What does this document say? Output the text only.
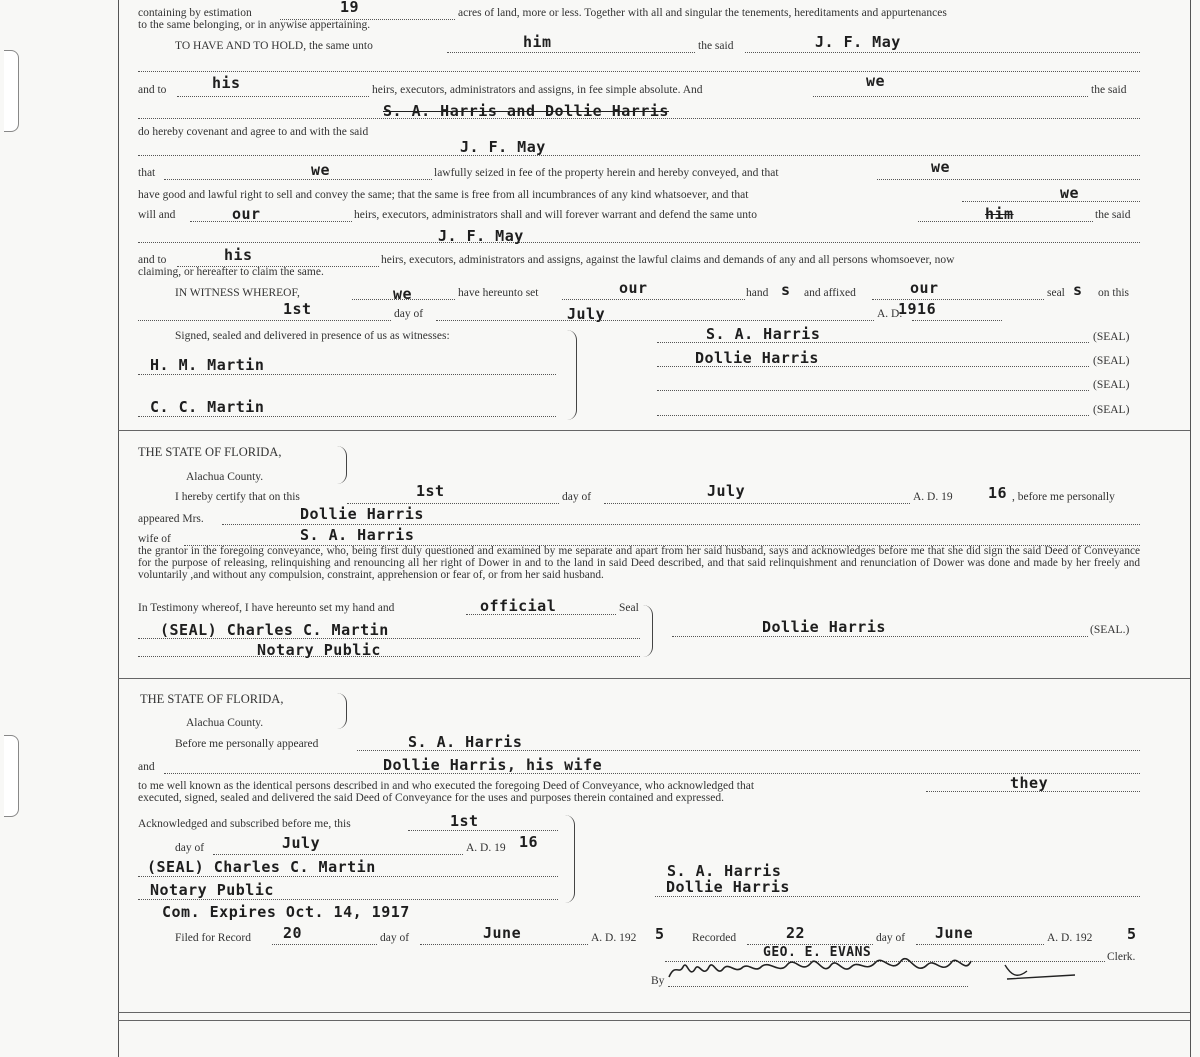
containing by estimation	19	acres of land, more or less. Together with all and singular the tenements, hereditaments and appurtenances
to the same belonging, or in anywise appertaining.
TO HAVE AND TO HOLD, the same unto	him	the said	J. F. May
and to	his	heirs, executors, administrators and assigns, in fee simple absolute. And	we	the said
S. A. Harris and Dollie Harris
do hereby covenant and agree to and with the said
J. F. May
that	we	lawfully seized in fee of the property herein and hereby conveyed, and that	we
have good and lawful right to sell and convey the same; that the same is free from all incumbrances of any kind whatsoever, and that	we
will and	our	heirs, executors, administrators shall and will forever warrant and defend the same unto	him	the said
J. F. May
and to	his	heirs, executors, administrators and assigns, against the lawful claims and demands of any and all persons whomsoever, now
claiming, or hereafter to claim the same.
IN WITNESS WHEREOF,	we	have hereunto set	our	hand s and affixed	our	seal s on this
1st	day of	July	A. D.
1916
Signed, sealed and delivered in presence of us as witnesses:
H. M. Martin
C. C. Martin
S. A. Harris	(SEAL)
Dollie Harris	(SEAL)
(SEAL)
(SEAL)
THE STATE OF FLORIDA,
Alachua County.
I hereby certify that on this	1st	day of	July	A. D. 19 16 , before me personally
appeared Mrs.	Dollie Harris
wife of	S. A. Harris
the grantor in the foregoing conveyance, who, being first duly questioned and examined by me separate and apart from her said husband, says and acknowledges before me that she did sign the said Deed of Conveyance for the purpose of releasing, relinquishing and renouncing all her right of Dower in and to the land in said Deed described, and that said relinquishment and renunciation of Dower was done and made by her freely and voluntarily ,and without any compulsion, constraint, apprehension or fear of, or from her said husband.
In Testimony whereof, I have hereunto set my hand and	official	Seal
(SEAL) Charles C. Martin
Notary Public
Dollie Harris	(SEAL.)
THE STATE OF FLORIDA,
Alachua County.
Before me personally appeared	S. A. Harris
and	Dollie Harris, his wife
to me well known as the identical persons described in and who executed the foregoing Deed of Conveyance, who acknowledged that	they
executed, signed, sealed and delivered the said Deed of Conveyance for the uses and purposes therein contained and expressed.
Acknowledged and subscribed before me, this	1st
day of	July	A. D. 19 16
(SEAL) Charles C. Martin
Notary Public
Com. Expires Oct. 14, 1917
S. A. Harris
Dollie Harris
Filed for Record 20	day of	June	A. D. 192 5 Recorded	22	day of June	A. D. 192 5
GEO. E. EVANS	Clerk.
By
